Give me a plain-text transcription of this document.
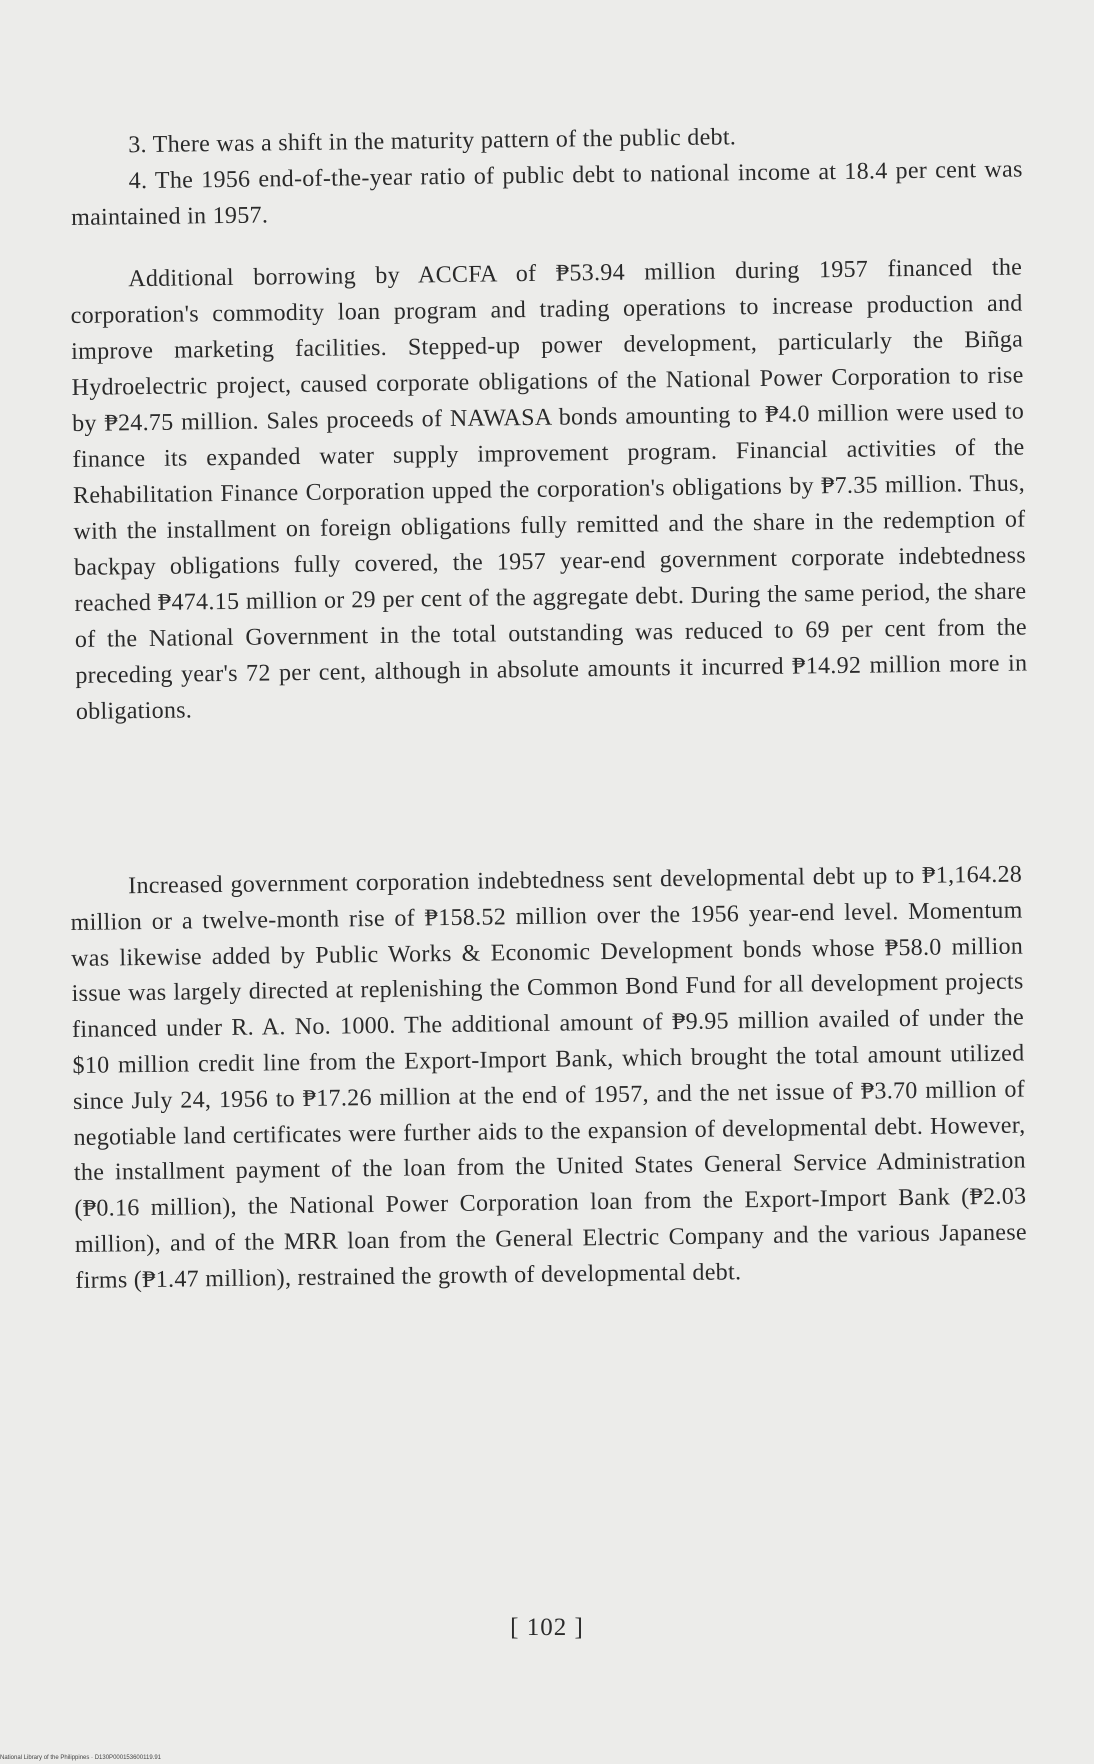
3. There was a shift in the maturity pattern of the public debt.

4. The 1956 end-of-the-year ratio of public debt to national income at 18.4 per cent was maintained in 1957.

Additional borrowing by ACCFA of ₱53.94 million during 1957 financed the corporation's commodity loan program and trading operations to increase production and improve marketing facilities. Stepped-up power development, particularly the Biñga Hydroelectric project, caused corporate obligations of the National Power Corporation to rise by ₱24.75 million. Sales proceeds of NAWASA bonds amounting to ₱4.0 million were used to finance its expanded water supply improvement program. Financial activities of the Rehabilitation Finance Corporation upped the corporation's obligations by ₱7.35 million. Thus, with the installment on foreign obligations fully remitted and the share in the redemption of backpay obligations fully covered, the 1957 year-end government corporate indebtedness reached ₱474.15 million or 29 per cent of the aggregate debt. During the same period, the share of the National Government in the total outstanding was reduced to 69 per cent from the preceding year's 72 per cent, although in absolute amounts it incurred ₱14.92 million more in obligations.

Increased government corporation indebtedness sent developmental debt up to ₱1,164.28 million or a twelve-month rise of ₱158.52 million over the 1956 year-end level. Momentum was likewise added by Public Works & Economic Development bonds whose ₱58.0 million issue was largely directed at replenishing the Common Bond Fund for all development projects financed under R. A. No. 1000. The additional amount of ₱9.95 million availed of under the $10 million credit line from the Export-Import Bank, which brought the total amount utilized since July 24, 1956 to ₱17.26 million at the end of 1957, and the net issue of ₱3.70 million of negotiable land certificates were further aids to the expansion of developmental debt. However, the installment payment of the loan from the United States General Service Administration (₱0.16 million), the National Power Corporation loan from the Export-Import Bank (₱2.03 million), and of the MRR loan from the General Electric Company and the various Japanese firms (₱1.47 million), restrained the growth of developmental debt.

[ 102 ]
National Library of the Philippines · D130P000153600119.91
